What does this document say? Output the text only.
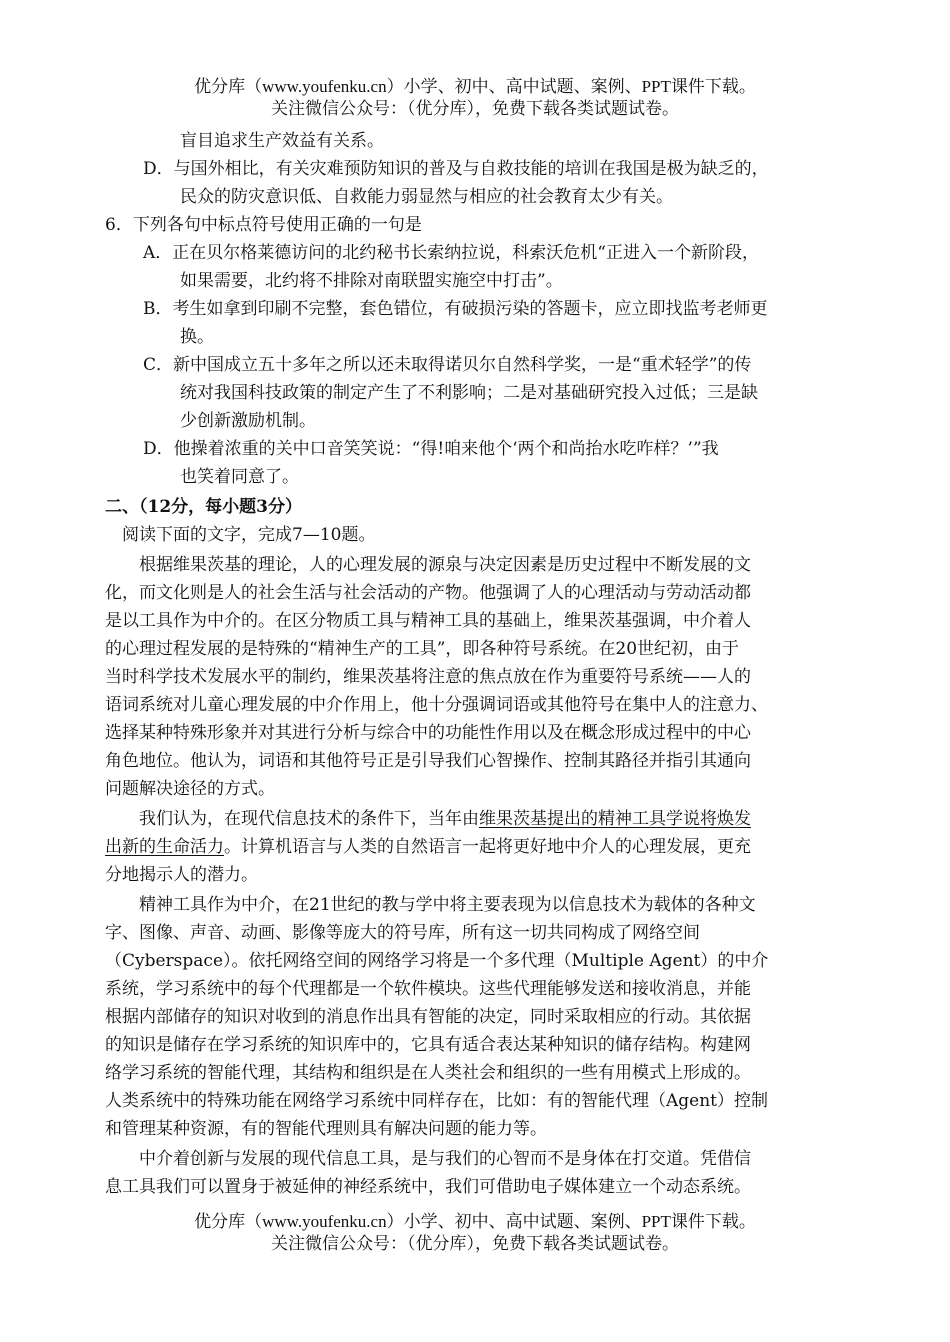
优分库（www.youfenku.cn）小学、初中、高中试题、案例、PPT课件下载。
关注微信公众号：（优分库），免费下载各类试题试卷。
盲目追求生产效益有关系。
D．与国外相比，有关灾难预防知识的普及与自救技能的培训在我国是极为缺乏的，
民众的防灾意识低、自救能力弱显然与相应的社会教育太少有关。
6．下列各句中标点符号使用正确的一句是
A．正在贝尔格莱德访问的北约秘书长索纳拉说，科索沃危机“正进入一个新阶段，
如果需要，北约将不排除对南联盟实施空中打击”。
B．考生如拿到印刷不完整，套色错位，有破损污染的答题卡，应立即找监考老师更
换。
C．新中国成立五十多年之所以还未取得诺贝尔自然科学奖，一是“重术轻学”的传
统对我国科技政策的制定产生了不利影响；二是对基础研究投入过低；三是缺
少创新激励机制。
D．他操着浓重的关中口音笑笑说：“得!咱来他个‘两个和尚抬水吃咋样？’”我
也笑着同意了。
二、（12分，每小题3分）
阅读下面的文字，完成7—10题。
　　根据维果茨基的理论，人的心理发展的源泉与决定因素是历史过程中不断发展的文
化，而文化则是人的社会生活与社会活动的产物。他强调了人的心理活动与劳动活动都
是以工具作为中介的。在区分物质工具与精神工具的基础上，维果茨基强调，中介着人
的心理过程发展的是特殊的“精神生产的工具”，即各种符号系统。在20世纪初，由于
当时科学技术发展水平的制约，维果茨基将注意的焦点放在作为重要符号系统——人的
语词系统对儿童心理发展的中介作用上，他十分强调词语或其他符号在集中人的注意力、
选择某种特殊形象并对其进行分析与综合中的功能性作用以及在概念形成过程中的中心
角色地位。他认为，词语和其他符号正是引导我们心智操作、控制其路径并指引其通向
问题解决途径的方式。
　　我们认为，在现代信息技术的条件下，当年由维果茨基提出的精神工具学说将焕发
出新的生命活力。计算机语言与人类的自然语言一起将更好地中介人的心理发展，更充
分地揭示人的潜力。
　　精神工具作为中介，在21世纪的教与学中将主要表现为以信息技术为载体的各种文
字、图像、声音、动画、影像等庞大的符号库，所有这一切共同构成了网络空间
（Cyberspace）。依托网络空间的网络学习将是一个多代理（Multiple Agent）的中介
系统，学习系统中的每个代理都是一个软件模块。这些代理能够发送和接收消息，并能
根据内部储存的知识对收到的消息作出具有智能的决定，同时采取相应的行动。其依据
的知识是储存在学习系统的知识库中的，它具有适合表达某种知识的储存结构。构建网
络学习系统的智能代理，其结构和组织是在人类社会和组织的一些有用模式上形成的。
人类系统中的特殊功能在网络学习系统中同样存在，比如：有的智能代理（Agent）控制
和管理某种资源，有的智能代理则具有解决问题的能力等。
　　中介着创新与发展的现代信息工具，是与我们的心智而不是身体在打交道。凭借信
息工具我们可以置身于被延伸的神经系统中，我们可借助电子媒体建立一个动态系统。
优分库（www.youfenku.cn）小学、初中、高中试题、案例、PPT课件下载。
关注微信公众号：（优分库），免费下载各类试题试卷。
